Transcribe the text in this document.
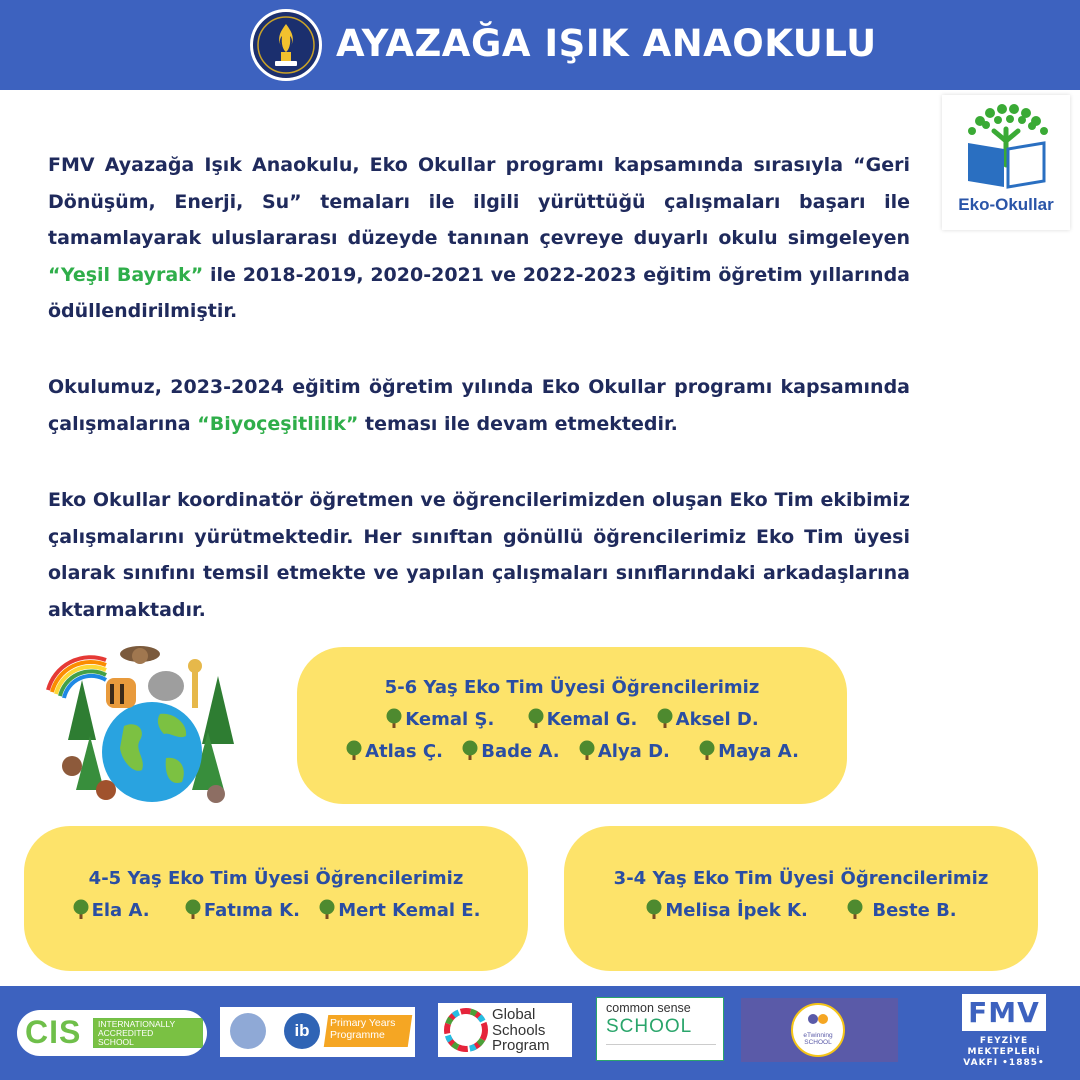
AYAZAĞA IŞIK ANAOKULU
Eko-Okullar
FMV Ayazağa Işık Anaokulu, Eko Okullar programı kapsamında sırasıyla “Geri Dönüşüm, Enerji, Su” temaları ile ilgili yürüttüğü çalışmaları başarı ile tamamlayarak uluslararası düzeyde tanınan çevreye duyarlı okulu simgeleyen “Yeşil Bayrak” ile 2018-2019, 2020-2021 ve 2022-2023 eğitim öğretim yıllarında ödüllendirilmiştir.
Okulumuz, 2023-2024 eğitim öğretim yılında Eko Okullar programı kapsamında çalışmalarına “Biyoçeşitlilik” teması ile devam etmektedir.
Eko Okullar koordinatör öğretmen ve öğrencilerimizden oluşan Eko Tim ekibimiz çalışmalarını yürütmektedir. Her sınıftan gönüllü öğrencilerimiz Eko Tim üyesi olarak sınıfını temsil etmekte ve yapılan çalışmaları sınıflarındaki arkadaşlarına aktarmaktadır.
5-6 Yaş Eko Tim Üyesi Öğrencilerimiz
Kemal Ş.	Kemal G. Aksel D.
Atlas Ç. Bade A. Alya D.	Maya A.
4-5 Yaş Eko Tim Üyesi Öğrencilerimiz
Ela A.	Fatıma K. Mert Kemal E.
3-4 Yaş Eko Tim Üyesi Öğrencilerimiz
Melisa İpek K.	Beste B.
CIS INTERNATIONALLY
ACCREDITED
SCHOOL
ib	Primary Years
Programme
Global
Schools
Program
common sense
SCHOOL	eTwinning
SCHOOL
FMV
FEYZİYE
MEKTEPLERİ
VAKFI •1885•
